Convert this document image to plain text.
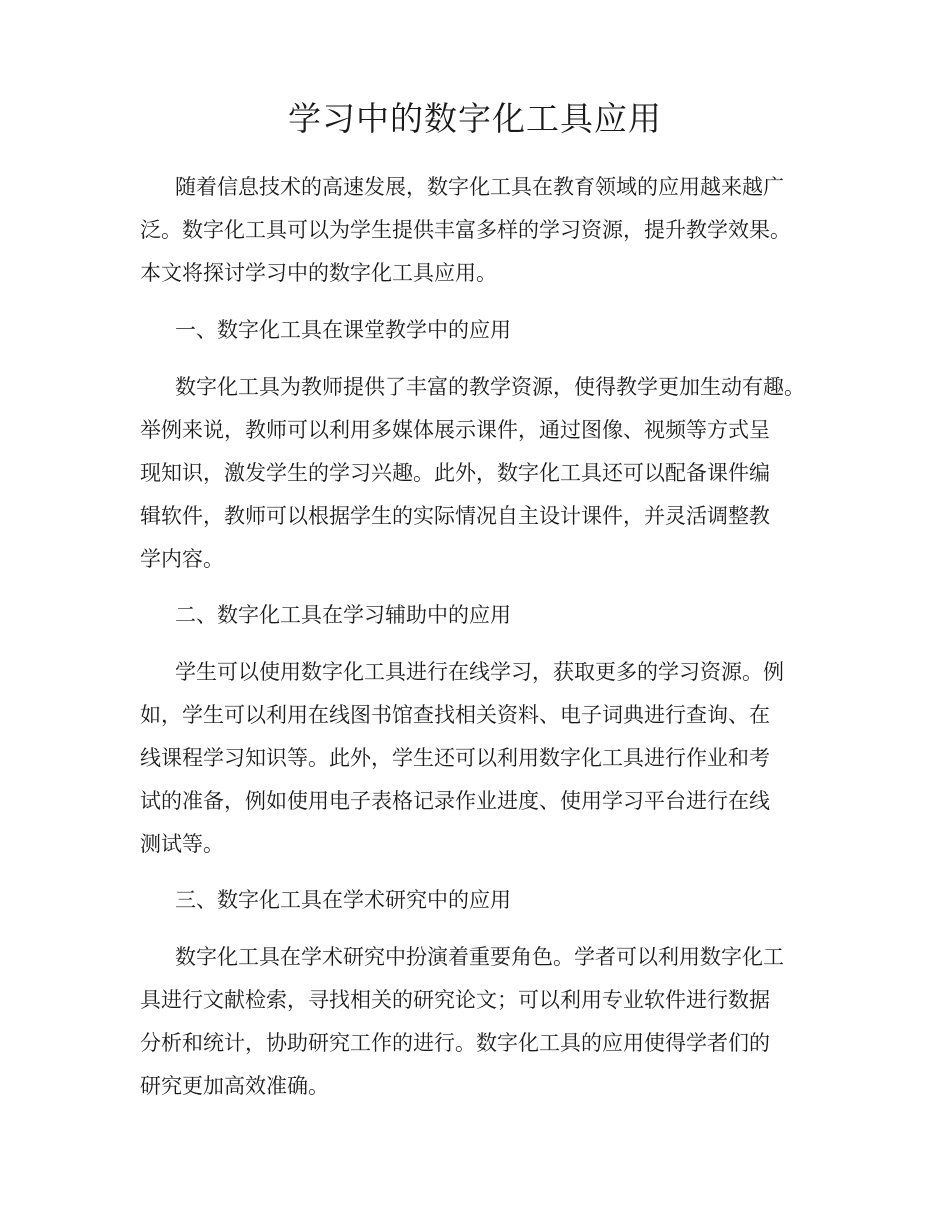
学习中的数字化工具应用
随着信息技术的高速发展，数字化工具在教育领域的应用越来越广
泛。数字化工具可以为学生提供丰富多样的学习资源，提升教学效果。
本文将探讨学习中的数字化工具应用。
一、数字化工具在课堂教学中的应用
数字化工具为教师提供了丰富的教学资源，使得教学更加生动有趣。
举例来说，教师可以利用多媒体展示课件，通过图像、视频等方式呈
现知识，激发学生的学习兴趣。此外，数字化工具还可以配备课件编
辑软件，教师可以根据学生的实际情况自主设计课件，并灵活调整教
学内容。
二、数字化工具在学习辅助中的应用
学生可以使用数字化工具进行在线学习，获取更多的学习资源。例
如，学生可以利用在线图书馆查找相关资料、电子词典进行查询、在
线课程学习知识等。此外，学生还可以利用数字化工具进行作业和考
试的准备，例如使用电子表格记录作业进度、使用学习平台进行在线
测试等。
三、数字化工具在学术研究中的应用
数字化工具在学术研究中扮演着重要角色。学者可以利用数字化工
具进行文献检索，寻找相关的研究论文；可以利用专业软件进行数据
分析和统计，协助研究工作的进行。数字化工具的应用使得学者们的
研究更加高效准确。
